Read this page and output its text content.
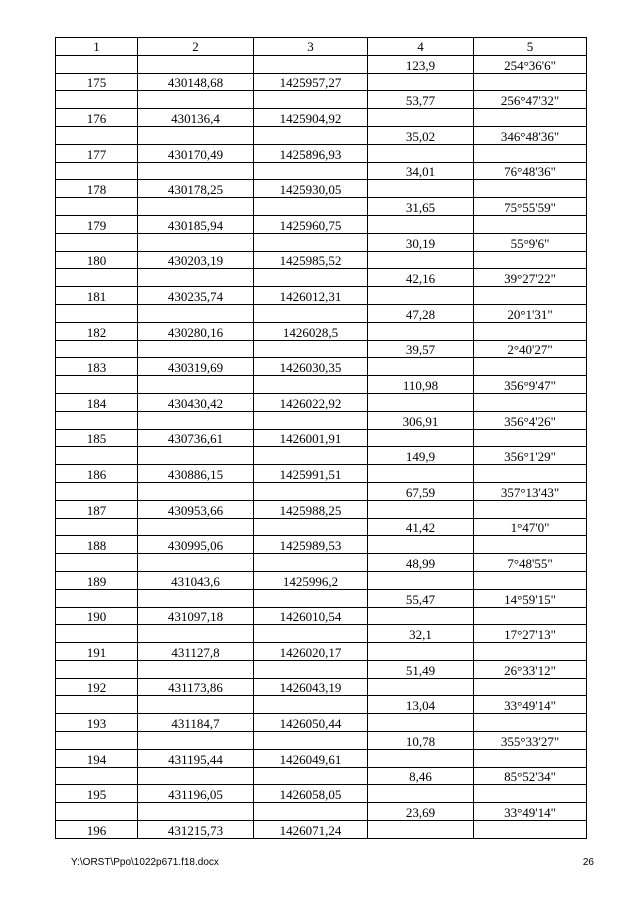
1	2	3	4	5
			123,9	254°36'6"
175	430148,68	1425957,27		
			53,77	256°47'32"
176	430136,4	1425904,92		
			35,02	346°48'36"
177	430170,49	1425896,93		
			34,01	76°48'36"
178	430178,25	1425930,05		
			31,65	75°55'59"
179	430185,94	1425960,75		
			30,19	55°9'6"
180	430203,19	1425985,52		
			42,16	39°27'22"
181	430235,74	1426012,31		
			47,28	20°1'31"
182	430280,16	1426028,5		
			39,57	2°40'27"
183	430319,69	1426030,35		
			110,98	356°9'47"
184	430430,42	1426022,92		
			306,91	356°4'26"
185	430736,61	1426001,91		
			149,9	356°1'29"
186	430886,15	1425991,51		
			67,59	357°13'43"
187	430953,66	1425988,25		
			41,42	1°47'0"
188	430995,06	1425989,53		
			48,99	7°48'55"
189	431043,6	1425996,2		
			55,47	14°59'15"
190	431097,18	1426010,54		
			32,1	17°27'13"
191	431127,8	1426020,17		
			51,49	26°33'12"
192	431173,86	1426043,19		
			13,04	33°49'14"
193	431184,7	1426050,44		
			10,78	355°33'27"
194	431195,44	1426049,61		
			8,46	85°52'34"
195	431196,05	1426058,05		
			23,69	33°49'14"
196	431215,73	1426071,24		
Y:\ORST\Ppo\1022p671.f18.docx	26
